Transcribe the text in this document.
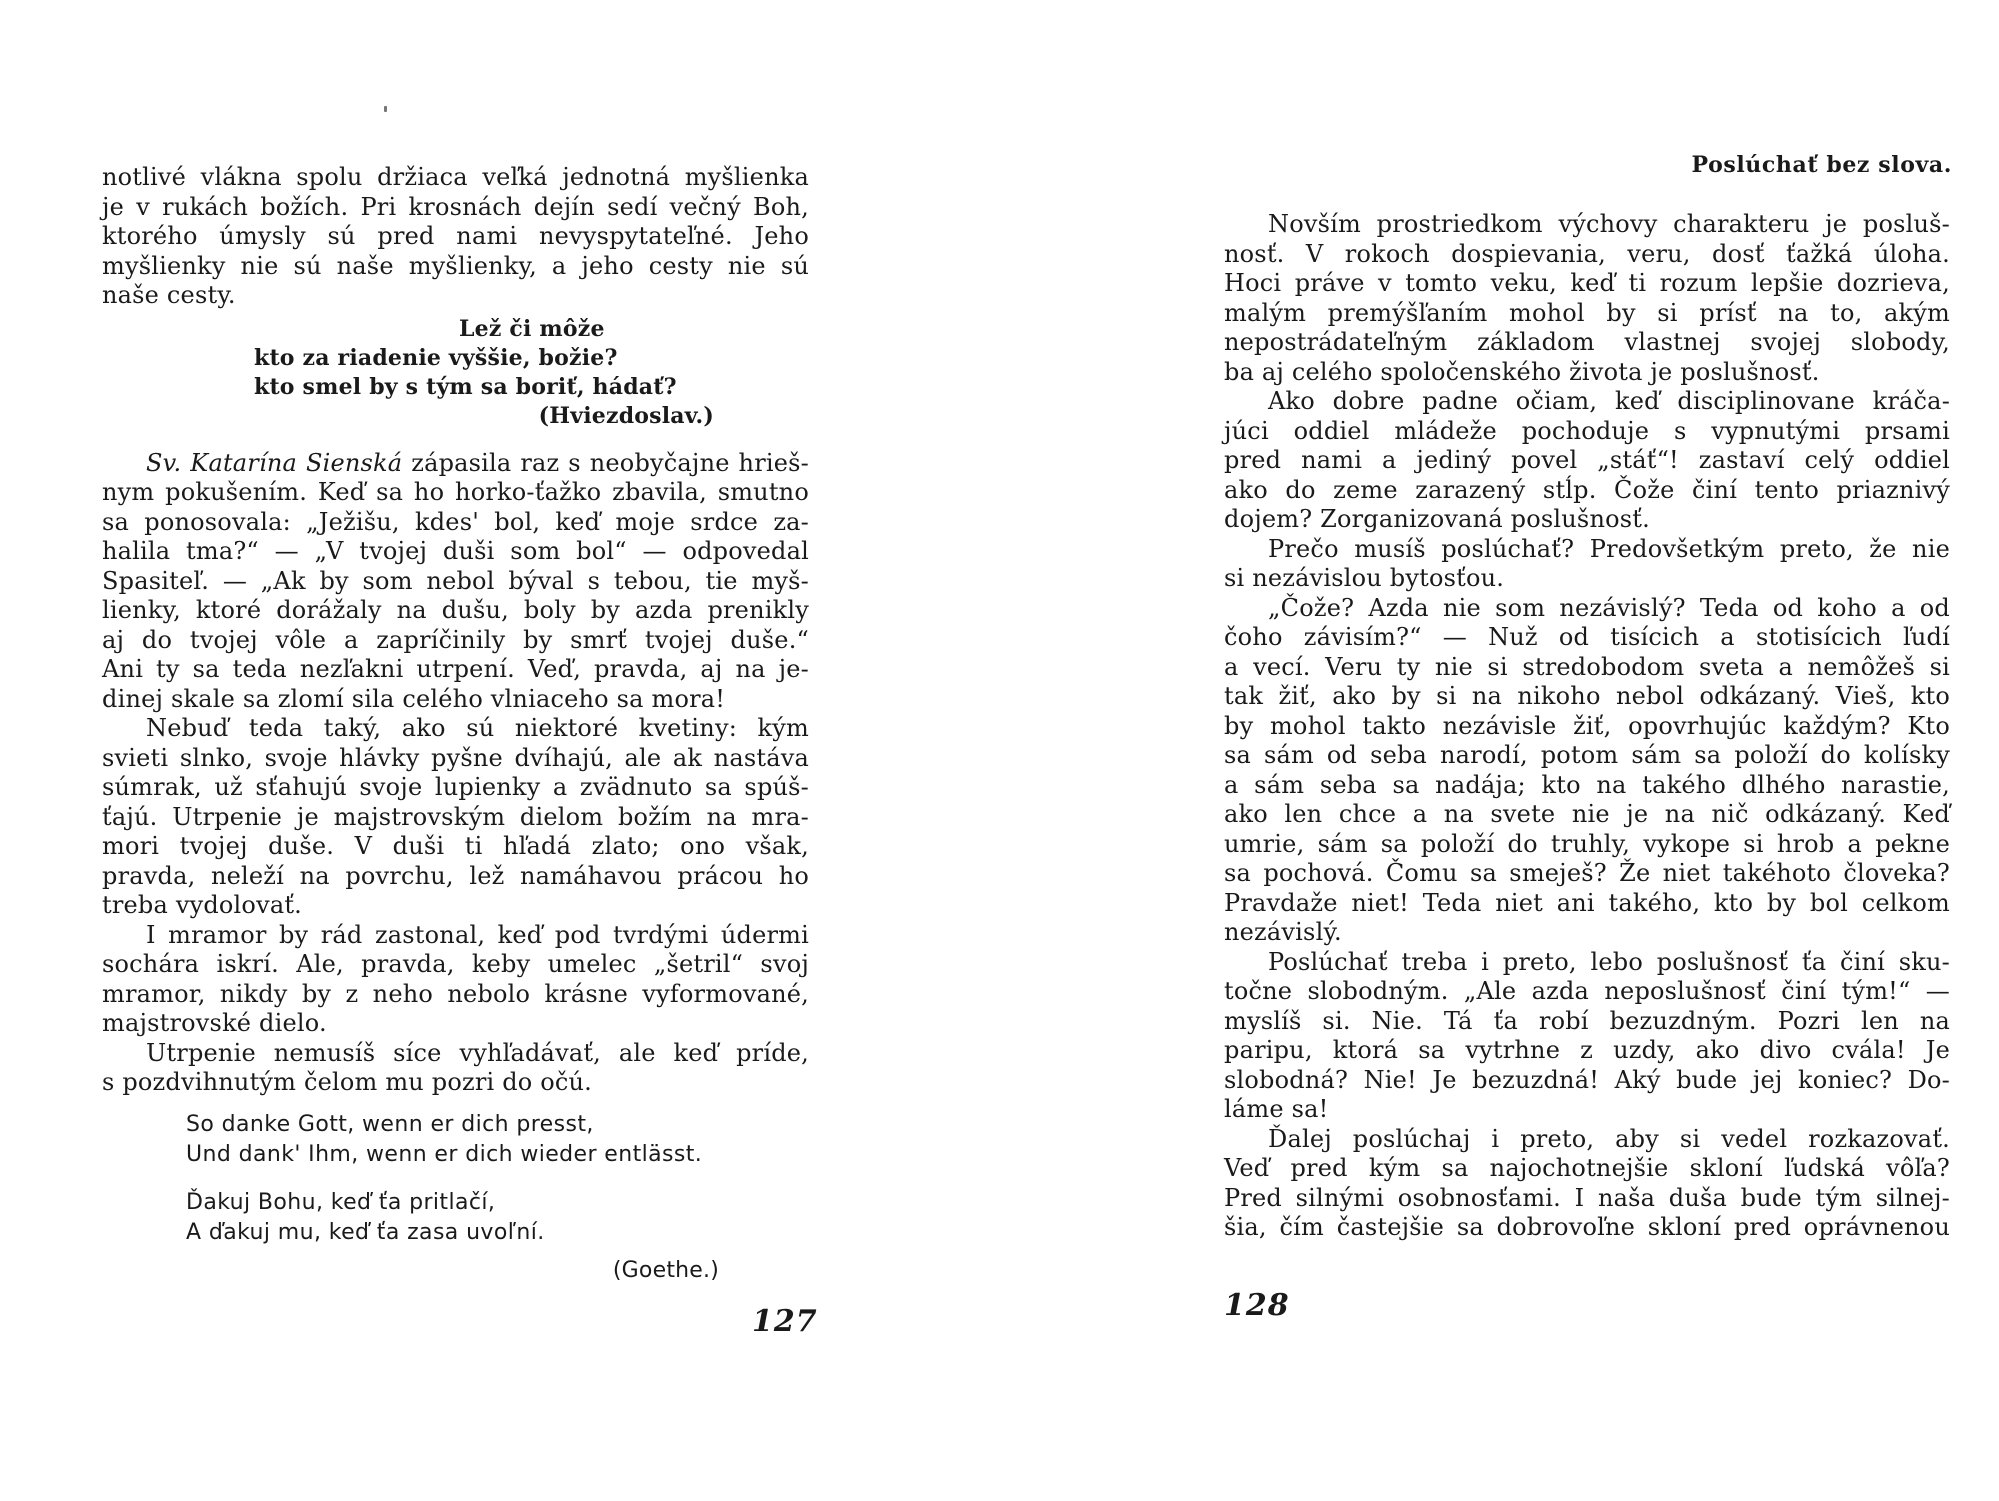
notlivé vlákna spolu držiaca veľká jednotná myšlienka
je v rukách božích. Pri krosnách dejín sedí večný Boh,
ktorého úmysly sú pred nami nevyspytateľné. Jeho
myšlienky nie sú naše myšlienky, a jeho cesty nie sú
naše cesty.

Lež či môže
kto za riadenie vyššie, božie?
kto smel by s tým sa boriť, hádať?
(Hviezdoslav.)

Sv. Katarína Sienská zápasila raz s neobyčajne hrieš-
nym pokušením. Keď sa ho horko-ťažko zbavila, smutno
sa ponosovala: „Ježišu, kdes' bol, keď moje srdce za-
halila tma?“ — „V tvojej duši som bol“ — odpovedal
Spasiteľ. — „Ak by som nebol býval s tebou, tie myš-
lienky, ktoré dorážaly na dušu, boly by azda prenikly
aj do tvojej vôle a zapríčinily by smrť tvojej duše.“
Ani ty sa teda nezľakni utrpení. Veď, pravda, aj na je-
dinej skale sa zlomí sila celého vlniaceho sa mora!

Nebuď teda taký, ako sú niektoré kvetiny: kým
svieti slnko, svoje hlávky pyšne dvíhajú, ale ak nastáva
súmrak, už sťahujú svoje lupienky a zvädnuto sa spúš-
ťajú. Utrpenie je majstrovským dielom božím na mra-
mori tvojej duše. V duši ti hľadá zlato; ono však,
pravda, neleží na povrchu, lež namáhavou prácou ho
treba vydolovať.

I mramor by rád zastonal, keď pod tvrdými údermi
sochára iskrí. Ale, pravda, keby umelec „šetril“ svoj
mramor, nikdy by z neho nebolo krásne vyformované,
majstrovské dielo.

Utrpenie nemusíš síce vyhľadávať, ale keď príde,
s pozdvihnutým čelom mu pozri do očú.

So danke Gott, wenn er dich presst,
Und dank' Ihm, wenn er dich wieder entlässt.
Ďakuj Bohu, keď ťa pritlačí,
A ďakuj mu, keď ťa zasa uvoľní.
(Goethe.)
127
Poslúchať bez slova.

Novším prostriedkom výchovy charakteru je posluš-
nosť. V rokoch dospievania, veru, dosť ťažká úloha.
Hoci práve v tomto veku, keď ti rozum lepšie dozrieva,
malým premýšľaním mohol by si prísť na to, akým
nepostrádateľným základom vlastnej svojej slobody,
ba aj celého spoločenského života je poslušnosť.

Ako dobre padne očiam, keď disciplinovane kráča-
júci oddiel mládeže pochoduje s vypnutými prsami
pred nami a jediný povel „stáť“! zastaví celý oddiel
ako do zeme zarazený stĺp. Čože činí tento priaznivý
dojem? Zorganizovaná poslušnosť.

Prečo musíš poslúchať? Predovšetkým preto, že nie
si nezávislou bytosťou.

„Čože? Azda nie som nezávislý? Teda od koho a od
čoho závisím?“ — Nuž od tisícich a stotisícich ľudí
a vecí. Veru ty nie si stredobodom sveta a nemôžeš si
tak žiť, ako by si na nikoho nebol odkázaný. Vieš, kto
by mohol takto nezávisle žiť, opovrhujúc každým? Kto
sa sám od seba narodí, potom sám sa položí do kolísky
a sám seba sa nadája; kto na takého dlhého narastie,
ako len chce a na svete nie je na nič odkázaný. Keď
umrie, sám sa položí do truhly, vykope si hrob a pekne
sa pochová. Čomu sa smeješ? Že niet takéhoto človeka?
Pravdaže niet! Teda niet ani takého, kto by bol celkom
nezávislý.

Poslúchať treba i preto, lebo poslušnosť ťa činí sku-
točne slobodným. „Ale azda neposlušnosť činí tým!“ —
myslíš si. Nie. Tá ťa robí bezuzdným. Pozri len na
paripu, ktorá sa vytrhne z uzdy, ako divo cvála! Je
slobodná? Nie! Je bezuzdná! Aký bude jej koniec? Do-
láme sa!

Ďalej poslúchaj i preto, aby si vedel rozkazovať.
Veď pred kým sa najochotnejšie skloní ľudská vôľa?
Pred silnými osobnosťami. I naša duša bude tým silnej-
šia, čím častejšie sa dobrovoľne skloní pred oprávnenou

128
